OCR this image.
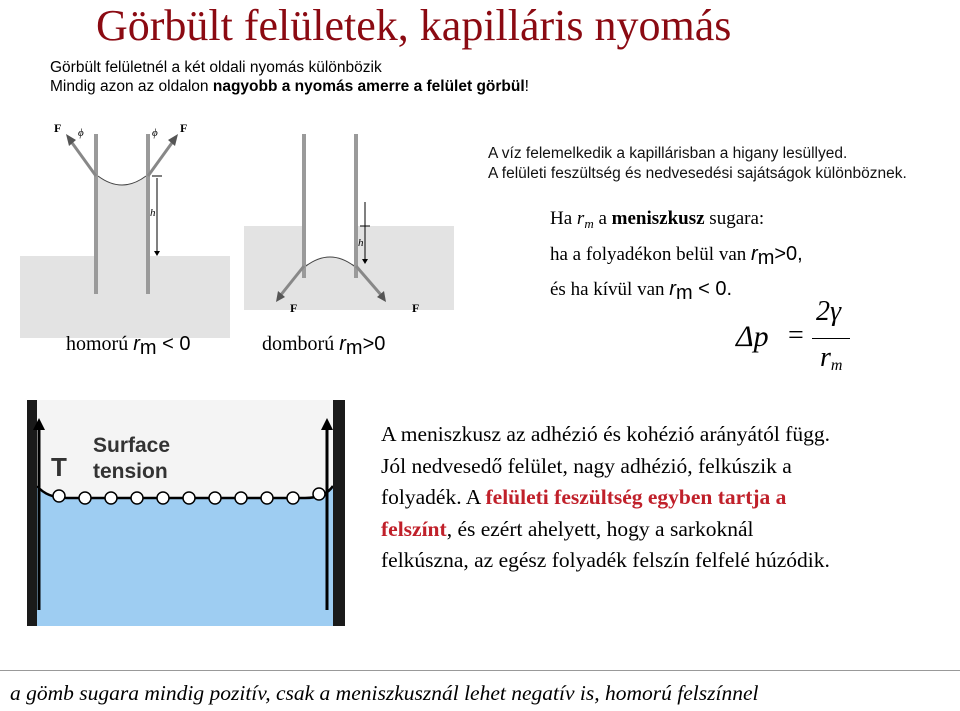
Görbült felületek, kapilláris nyomás
Görbült felületnél a két oldali nyomás különbözik
Mindig azon az oldalon nagyobb a nyomás amerre a felület görbül!
F	F
ϕ	ϕ
h
F	F
h
homorú $r_m < 0$	domború $r_m>0$
A víz felemelkedik a kapillárisban a higany lesüllyed.
A felületi feszültség és nedvesedési sajátságok különböznek.
Ha $r_m$ a meniszkusz sugara:
ha a folyadékon belül van $r_m>0$,
és ha kívül van $r_m < 0$.
Δp =
2γ
$r_m$
T
Surface
tension
A meniszkusz az adhézió és kohézió arányától függ. Jól nedvesedő felület, nagy adhézió, felkúszik a folyadék. A felületi feszültség egyben tartja a felszínt, és ezért ahelyett, hogy a sarkoknál felkúszna, az egész folyadék felszín felfelé húzódik.
a gömb sugara mindig pozitív, csak a meniszkusznál lehet negatív is, homorú felszínnel
